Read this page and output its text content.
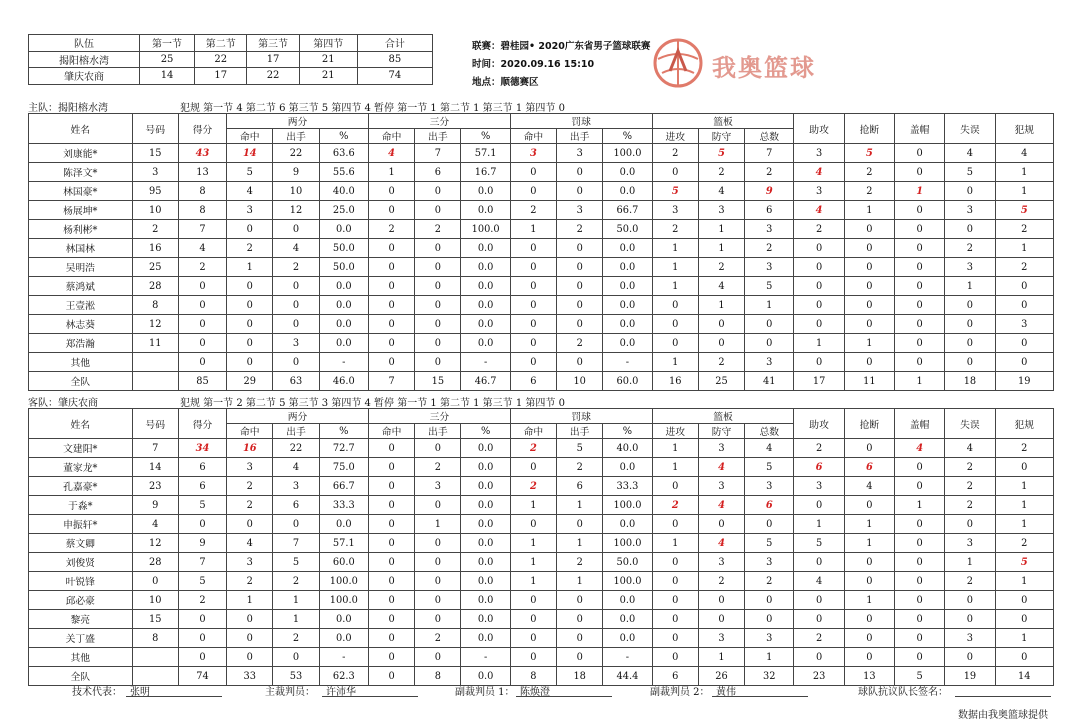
队伍	第一节	第二节	第三节	第四节	合计
揭阳榕水湾	25	22	17	21	85
肇庆农商	14	17	22	21	74
联赛：碧桂园• 2020广东省男子篮球联赛
时间：2020.09.16 15:10
地点：顺德赛区
我奥篮球
主队：揭阳榕水湾	犯规 第一节 4 第二节 6 第三节 5 第四节 4 暂停 第一节 1 第二节 1 第三节 1 第四节 0
姓名	号码	得分	两分			三分			罚球			篮板			助攻	抢断	盖帽	失误	犯规
			命中	出手	%	命中	出手	%	命中	出手	%	进攻	防守	总数					
刘康能*	15	43	14	22	63.6	4	7	57.1	3	3	100.0	2	5	7	3	5	0	4	4
陈泽文*	3	13	5	9	55.6	1	6	16.7	0	0	0.0	0	2	2	4	2	0	5	1
林国豪*	95	8	4	10	40.0	0	0	0.0	0	0	0.0	5	4	9	3	2	1	0	1
杨展坤*	10	8	3	12	25.0	0	0	0.0	2	3	66.7	3	3	6	4	1	0	3	5
杨利彬*	2	7	0	0	0.0	2	2	100.0	1	2	50.0	2	1	3	2	0	0	0	2
林国林	16	4	2	4	50.0	0	0	0.0	0	0	0.0	1	1	2	0	0	0	2	1
吴明浩	25	2	1	2	50.0	0	0	0.0	0	0	0.0	1	2	3	0	0	0	3	2
蔡鸿斌	28	0	0	0	0.0	0	0	0.0	0	0	0.0	1	4	5	0	0	0	1	0
王壹淞	8	0	0	0	0.0	0	0	0.0	0	0	0.0	0	1	1	0	0	0	0	0
林志葵	12	0	0	0	0.0	0	0	0.0	0	0	0.0	0	0	0	0	0	0	0	3
郑浩瀚	11	0	0	3	0.0	0	0	0.0	0	2	0.0	0	0	0	1	1	0	0	0
其他		0	0	0	-	0	0	-	0	0	-	1	2	3	0	0	0	0	0
全队		85	29	63	46.0	7	15	46.7	6	10	60.0	16	25	41	17	11	1	18	19
客队：肇庆农商	犯规 第一节 2 第二节 5 第三节 3 第四节 4 暂停 第一节 1 第二节 1 第三节 1 第四节 0
姓名	号码	得分	两分			三分			罚球			篮板			助攻	抢断	盖帽	失误	犯规
			命中	出手	%	命中	出手	%	命中	出手	%	进攻	防守	总数					
文建阳*	7	34	16	22	72.7	0	0	0.0	2	5	40.0	1	3	4	2	0	4	4	2
董家龙*	14	6	3	4	75.0	0	2	0.0	0	2	0.0	1	4	5	6	6	0	2	0
孔嘉豪*	23	6	2	3	66.7	0	3	0.0	2	6	33.3	0	3	3	3	4	0	2	1
于淼*	9	5	2	6	33.3	0	0	0.0	1	1	100.0	2	4	6	0	0	1	2	1
申振轩*	4	0	0	0	0.0	0	1	0.0	0	0	0.0	0	0	0	1	1	0	0	1
蔡文卿	12	9	4	7	57.1	0	0	0.0	1	1	100.0	1	4	5	5	1	0	3	2
刘俊贤	28	7	3	5	60.0	0	0	0.0	1	2	50.0	0	3	3	0	0	0	1	5
叶锐锋	0	5	2	2	100.0	0	0	0.0	1	1	100.0	0	2	2	4	0	0	2	1
邱必豪	10	2	1	1	100.0	0	0	0.0	0	0	0.0	0	0	0	0	1	0	0	0
黎亮	15	0	0	1	0.0	0	0	0.0	0	0	0.0	0	0	0	0	0	0	0	0
关丁盛	8	0	0	2	0.0	0	2	0.0	0	0	0.0	0	3	3	2	0	0	3	1
其他		0	0	0	-	0	0	-	0	0	-	0	1	1	0	0	0	0	0
全队		74	33	53	62.3	0	8	0.0	8	18	44.4	6	26	32	23	13	5	19	14
技术代表： 张明	主裁判员： 许沛华	副裁判员 1： 陈焕澄	副裁判员 2： 黄伟	球队抗议队长签名：
数据由我奥篮球提供
